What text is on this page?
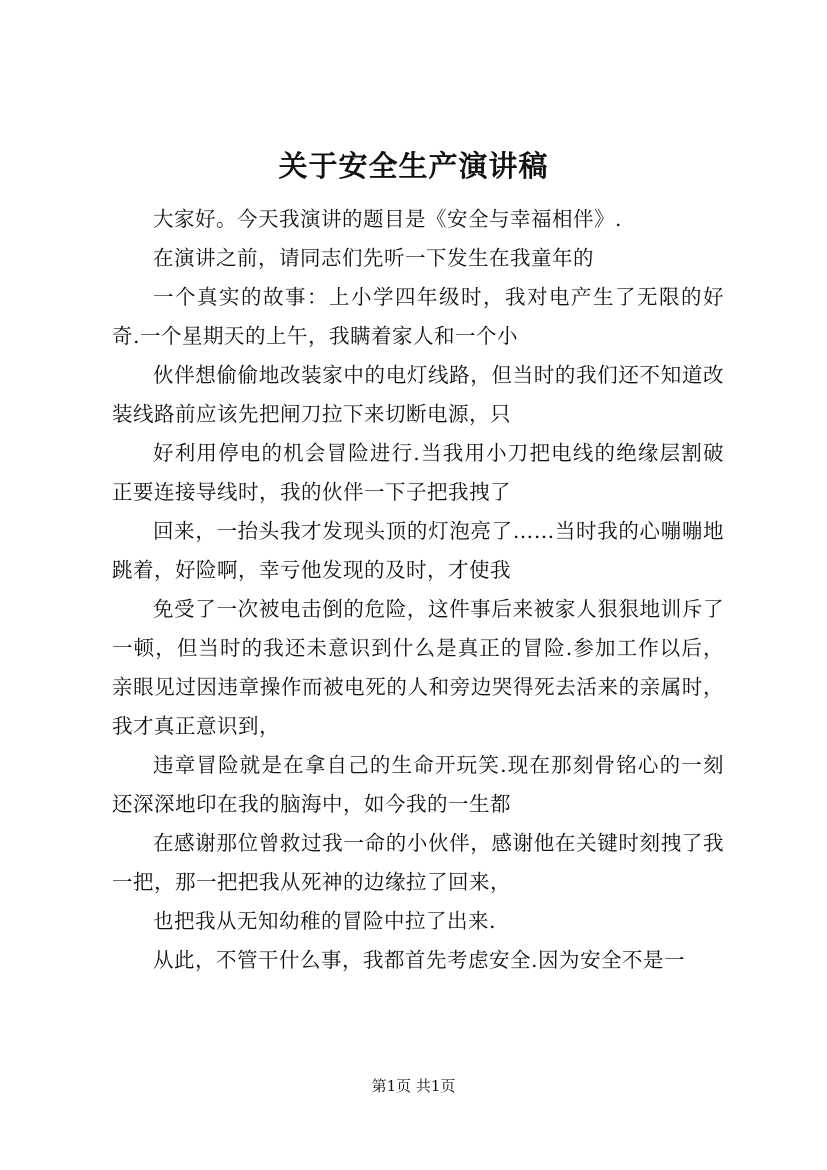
关于安全生产演讲稿

大家好。今天我演讲的题目是《安全与幸福相伴》.

在演讲之前，请同志们先听一下发生在我童年的

一个真实的故事：上小学四年级时，我对电产生了无限的好奇.一个星期天的上午，我瞒着家人和一个小

伙伴想偷偷地改装家中的电灯线路，但当时的我们还不知道改装线路前应该先把闸刀拉下来切断电源，只

好利用停电的机会冒险进行.当我用小刀把电线的绝缘层割破正要连接导线时，我的伙伴一下子把我拽了

回来，一抬头我才发现头顶的灯泡亮了……当时我的心嘣嘣地跳着，好险啊，幸亏他发现的及时，才使我

免受了一次被电击倒的危险，这件事后来被家人狠狠地训斥了一顿，但当时的我还未意识到什么是真正的冒险.参加工作以后，亲眼见过因违章操作而被电死的人和旁边哭得死去活来的亲属时，我才真正意识到，

违章冒险就是在拿自己的生命开玩笑.现在那刻骨铭心的一刻还深深地印在我的脑海中，如今我的一生都

在感谢那位曾救过我一命的小伙伴，感谢他在关键时刻拽了我一把，那一把把我从死神的边缘拉了回来，

也把我从无知幼稚的冒险中拉了出来.

从此，不管干什么事，我都首先考虑安全.因为安全不是一

第1页 共1页
